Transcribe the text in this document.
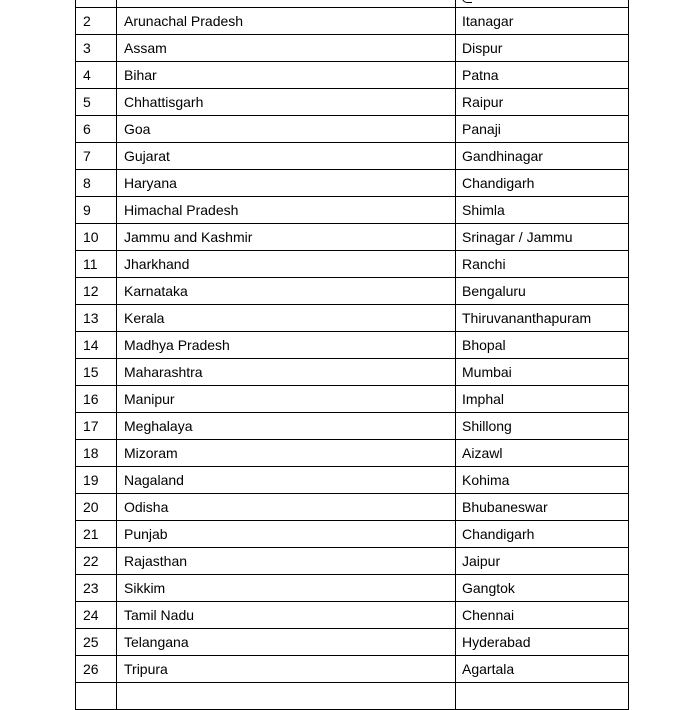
2	Arunachal Pradesh	Itanagar
3	Assam	Dispur
4	Bihar	Patna
5	Chhattisgarh	Raipur
6	Goa	Panaji
7	Gujarat	Gandhinagar
8	Haryana	Chandigarh
9	Himachal Pradesh	Shimla
10	Jammu and Kashmir	Srinagar / Jammu
11	Jharkhand	Ranchi
12	Karnataka	Bengaluru
13	Kerala	Thiruvananthapuram
14	Madhya Pradesh	Bhopal
15	Maharashtra	Mumbai
16	Manipur	Imphal
17	Meghalaya	Shillong
18	Mizoram	Aizawl
19	Nagaland	Kohima
20	Odisha	Bhubaneswar
21	Punjab	Chandigarh
22	Rajasthan	Jaipur
23	Sikkim	Gangtok
24	Tamil Nadu	Chennai
25	Telangana	Hyderabad
26	Tripura	Agartala
